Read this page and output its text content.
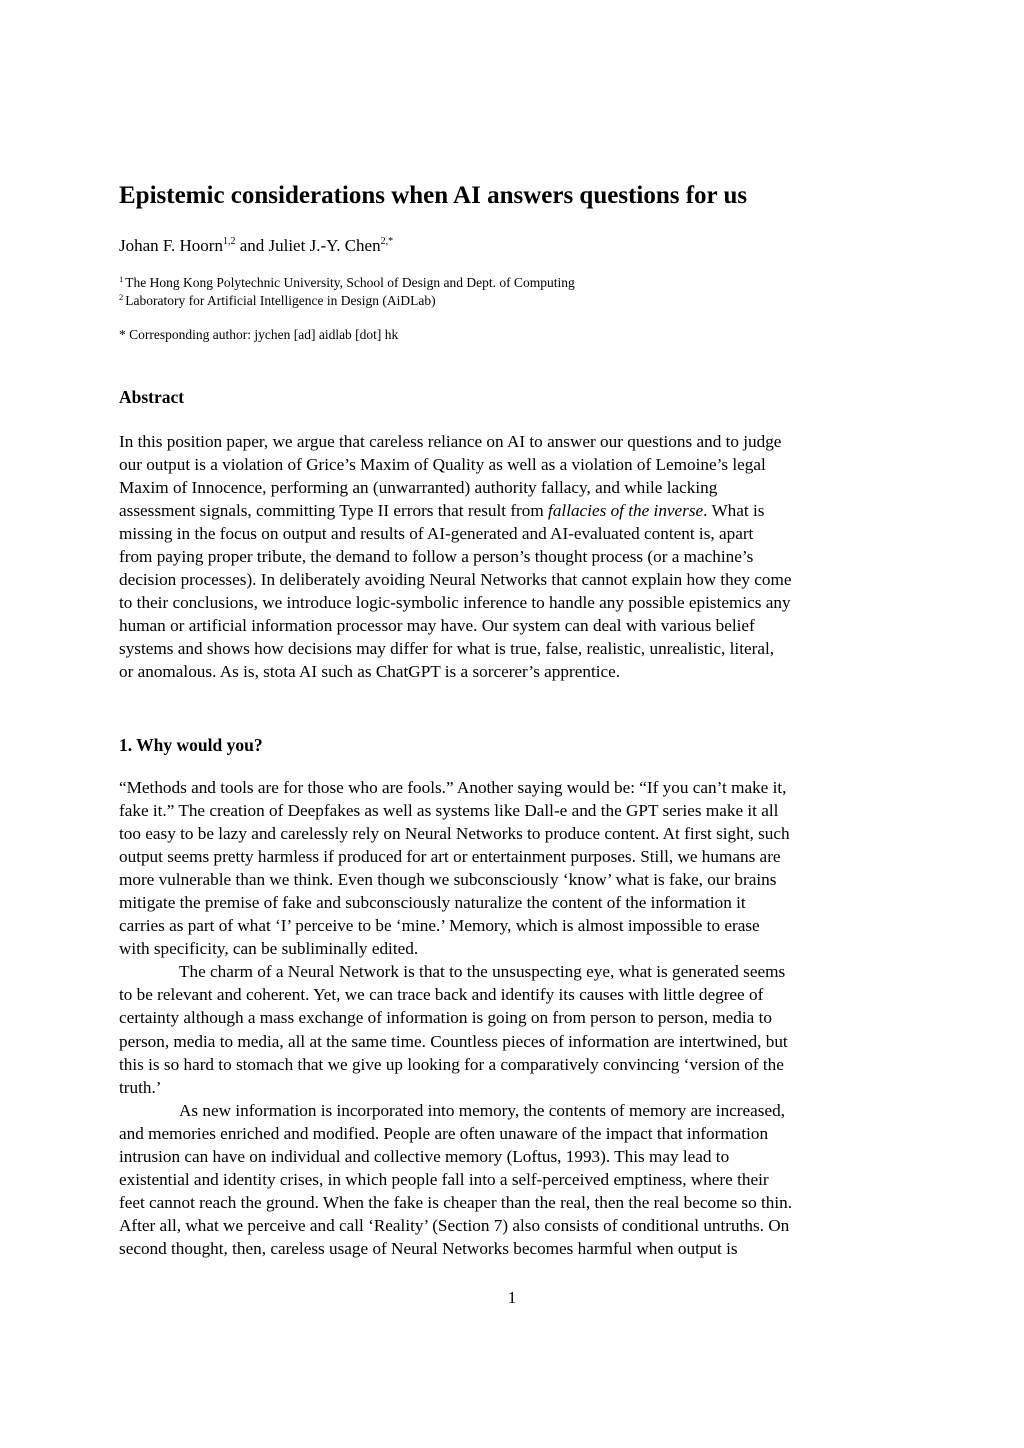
Epistemic considerations when AI answers questions for us
Johan F. Hoorn$^{1,2}$ and Juliet J.-Y. Chen$^{2,*}$
$^1$ The Hong Kong Polytechnic University, School of Design and Dept. of Computing
$^2$ Laboratory for Artificial Intelligence in Design (AiDLab)
* Corresponding author: jychen [ad] aidlab [dot] hk
Abstract
In this position paper, we argue that careless reliance on AI to answer our questions and to judge
our output is a violation of Grice’s Maxim of Quality as well as a violation of Lemoine’s legal
Maxim of Innocence, performing an (unwarranted) authority fallacy, and while lacking
assessment signals, committing Type II errors that result from fallacies of the inverse. What is
missing in the focus on output and results of AI-generated and AI-evaluated content is, apart
from paying proper tribute, the demand to follow a person’s thought process (or a machine’s
decision processes). In deliberately avoiding Neural Networks that cannot explain how they come
to their conclusions, we introduce logic-symbolic inference to handle any possible epistemics any
human or artificial information processor may have. Our system can deal with various belief
systems and shows how decisions may differ for what is true, false, realistic, unrealistic, literal,
or anomalous. As is, stota AI such as ChatGPT is a sorcerer’s apprentice.
1. Why would you?
“Methods and tools are for those who are fools.” Another saying would be: “If you can’t make it,
fake it.” The creation of Deepfakes as well as systems like Dall-e and the GPT series make it all
too easy to be lazy and carelessly rely on Neural Networks to produce content. At first sight, such
output seems pretty harmless if produced for art or entertainment purposes. Still, we humans are
more vulnerable than we think. Even though we subconsciously ‘know’ what is fake, our brains
mitigate the premise of fake and subconsciously naturalize the content of the information it
carries as part of what ‘I’ perceive to be ‘mine.’ Memory, which is almost impossible to erase
with specificity, can be subliminally edited.
The charm of a Neural Network is that to the unsuspecting eye, what is generated seems
to be relevant and coherent. Yet, we can trace back and identify its causes with little degree of
certainty although a mass exchange of information is going on from person to person, media to
person, media to media, all at the same time. Countless pieces of information are intertwined, but
this is so hard to stomach that we give up looking for a comparatively convincing ‘version of the
truth.’
As new information is incorporated into memory, the contents of memory are increased,
and memories enriched and modified. People are often unaware of the impact that information
intrusion can have on individual and collective memory (Loftus, 1993). This may lead to
existential and identity crises, in which people fall into a self-perceived emptiness, where their
feet cannot reach the ground. When the fake is cheaper than the real, then the real become so thin.
After all, what we perceive and call ‘Reality’ (Section 7) also consists of conditional untruths. On
second thought, then, careless usage of Neural Networks becomes harmful when output is
1
